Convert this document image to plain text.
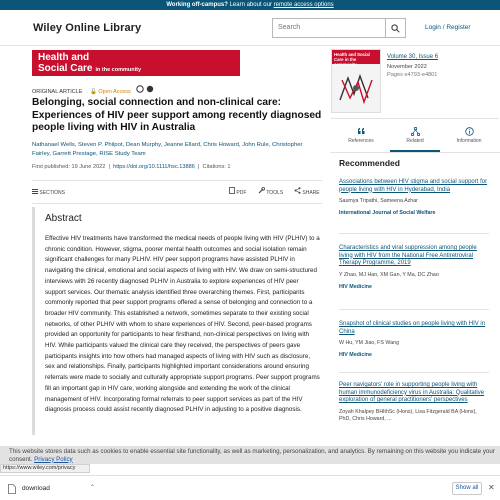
Working off-campus? Learn about our remote access options
Wiley Online Library	Search	Login / Register
Health and
Social Care in the community
ORIGINAL ARTICLE 🔓 Open Access
Belonging, social connection and non-clinical care: Experiences of HIV peer support among recently diagnosed people living with HIV in Australia
Nathanael Wells, Steven P. Philpot, Dean Murphy, Jeanne Ellard, Chris Howard, John Rule, Christopher Fairley, Garrett Prestage, RISE Study Team
First published: 19 June 2022  |  https://doi.org/10.1111/hsc.13886  |  Citations: 1
SECTIONS	PDF	TOOLS	SHARE
Abstract
Effective HIV treatments have transformed the medical needs of people living with HIV (PLHIV) to a chronic condition. However, stigma, poorer mental health outcomes and social isolation remain significant challenges for many PLHIV. HIV peer support programs have assisted PLHIV in navigating the clinical, emotional and social aspects of living with HIV. We draw on semi-structured interviews with 26 recently diagnosed PLHIV in Australia to explore experiences of HIV peer support services. Our thematic analysis identified three overarching themes. First, participants commonly reported that peer support programs offered a sense of belonging and connection to a broader HIV community. This established a network, sometimes separate to their existing social networks, of other PLHIV with whom to share experiences of HIV. Second, peer-based programs provided an opportunity for participants to hear firsthand, non-clinical perspectives on living with HIV. While participants valued the clinical care they received, the perspectives of peers gave participants insights into how others had managed aspects of living with HIV such as disclosure, sex and relationships. Finally, participants highlighted important considerations around ensuring referrals were made to socially and culturally appropriate support programs. Peer support programs fill an important gap in HIV care, working alongside and extending the work of the clinical management of HIV. Incorporating formal referrals to peer support services as part of the HIV diagnosis process could assist recently diagnosed PLHIV in adjusting to a positive diagnosis.
Health and Social Care in the community
Volume 30, Issue 6
November 2022
Pages e4793-e4801
References	Related	Information
Recommended
Associations between HIV stigma and social support for people living with HIV in Hyderabad, India
Saumya Tripathi, Sameena Azhar
International Journal of Social Welfare
Characteristics and viral suppression among people living with HIV from the National Free Antiretroviral Therapy Programme, 2019
Y Zhao, MJ Han, XM Gan, Y Ma, DC Zhao
HIV Medicine
Snapshot of clinical studies on people living with HIV in China
W Hu, YM Jiao, FS Wang
HIV Medicine
Peer navigators' role in supporting people living with human immunodeficiency virus in Australia: Qualitative exploration of general practitioners' perspectives
Zoyah Khalpey BHlthSc (Hons), Lisa Fitzgerald BA (Hons), PhD, Chris Howard, ...
This website stores data such as cookies to enable essential site functionality, as well as marketing, personalization, and analytics. By remaining on this website you indicate your consent. Privacy Policy
https://www.wiley.com/privacy
download	⌃	Show all	✕
